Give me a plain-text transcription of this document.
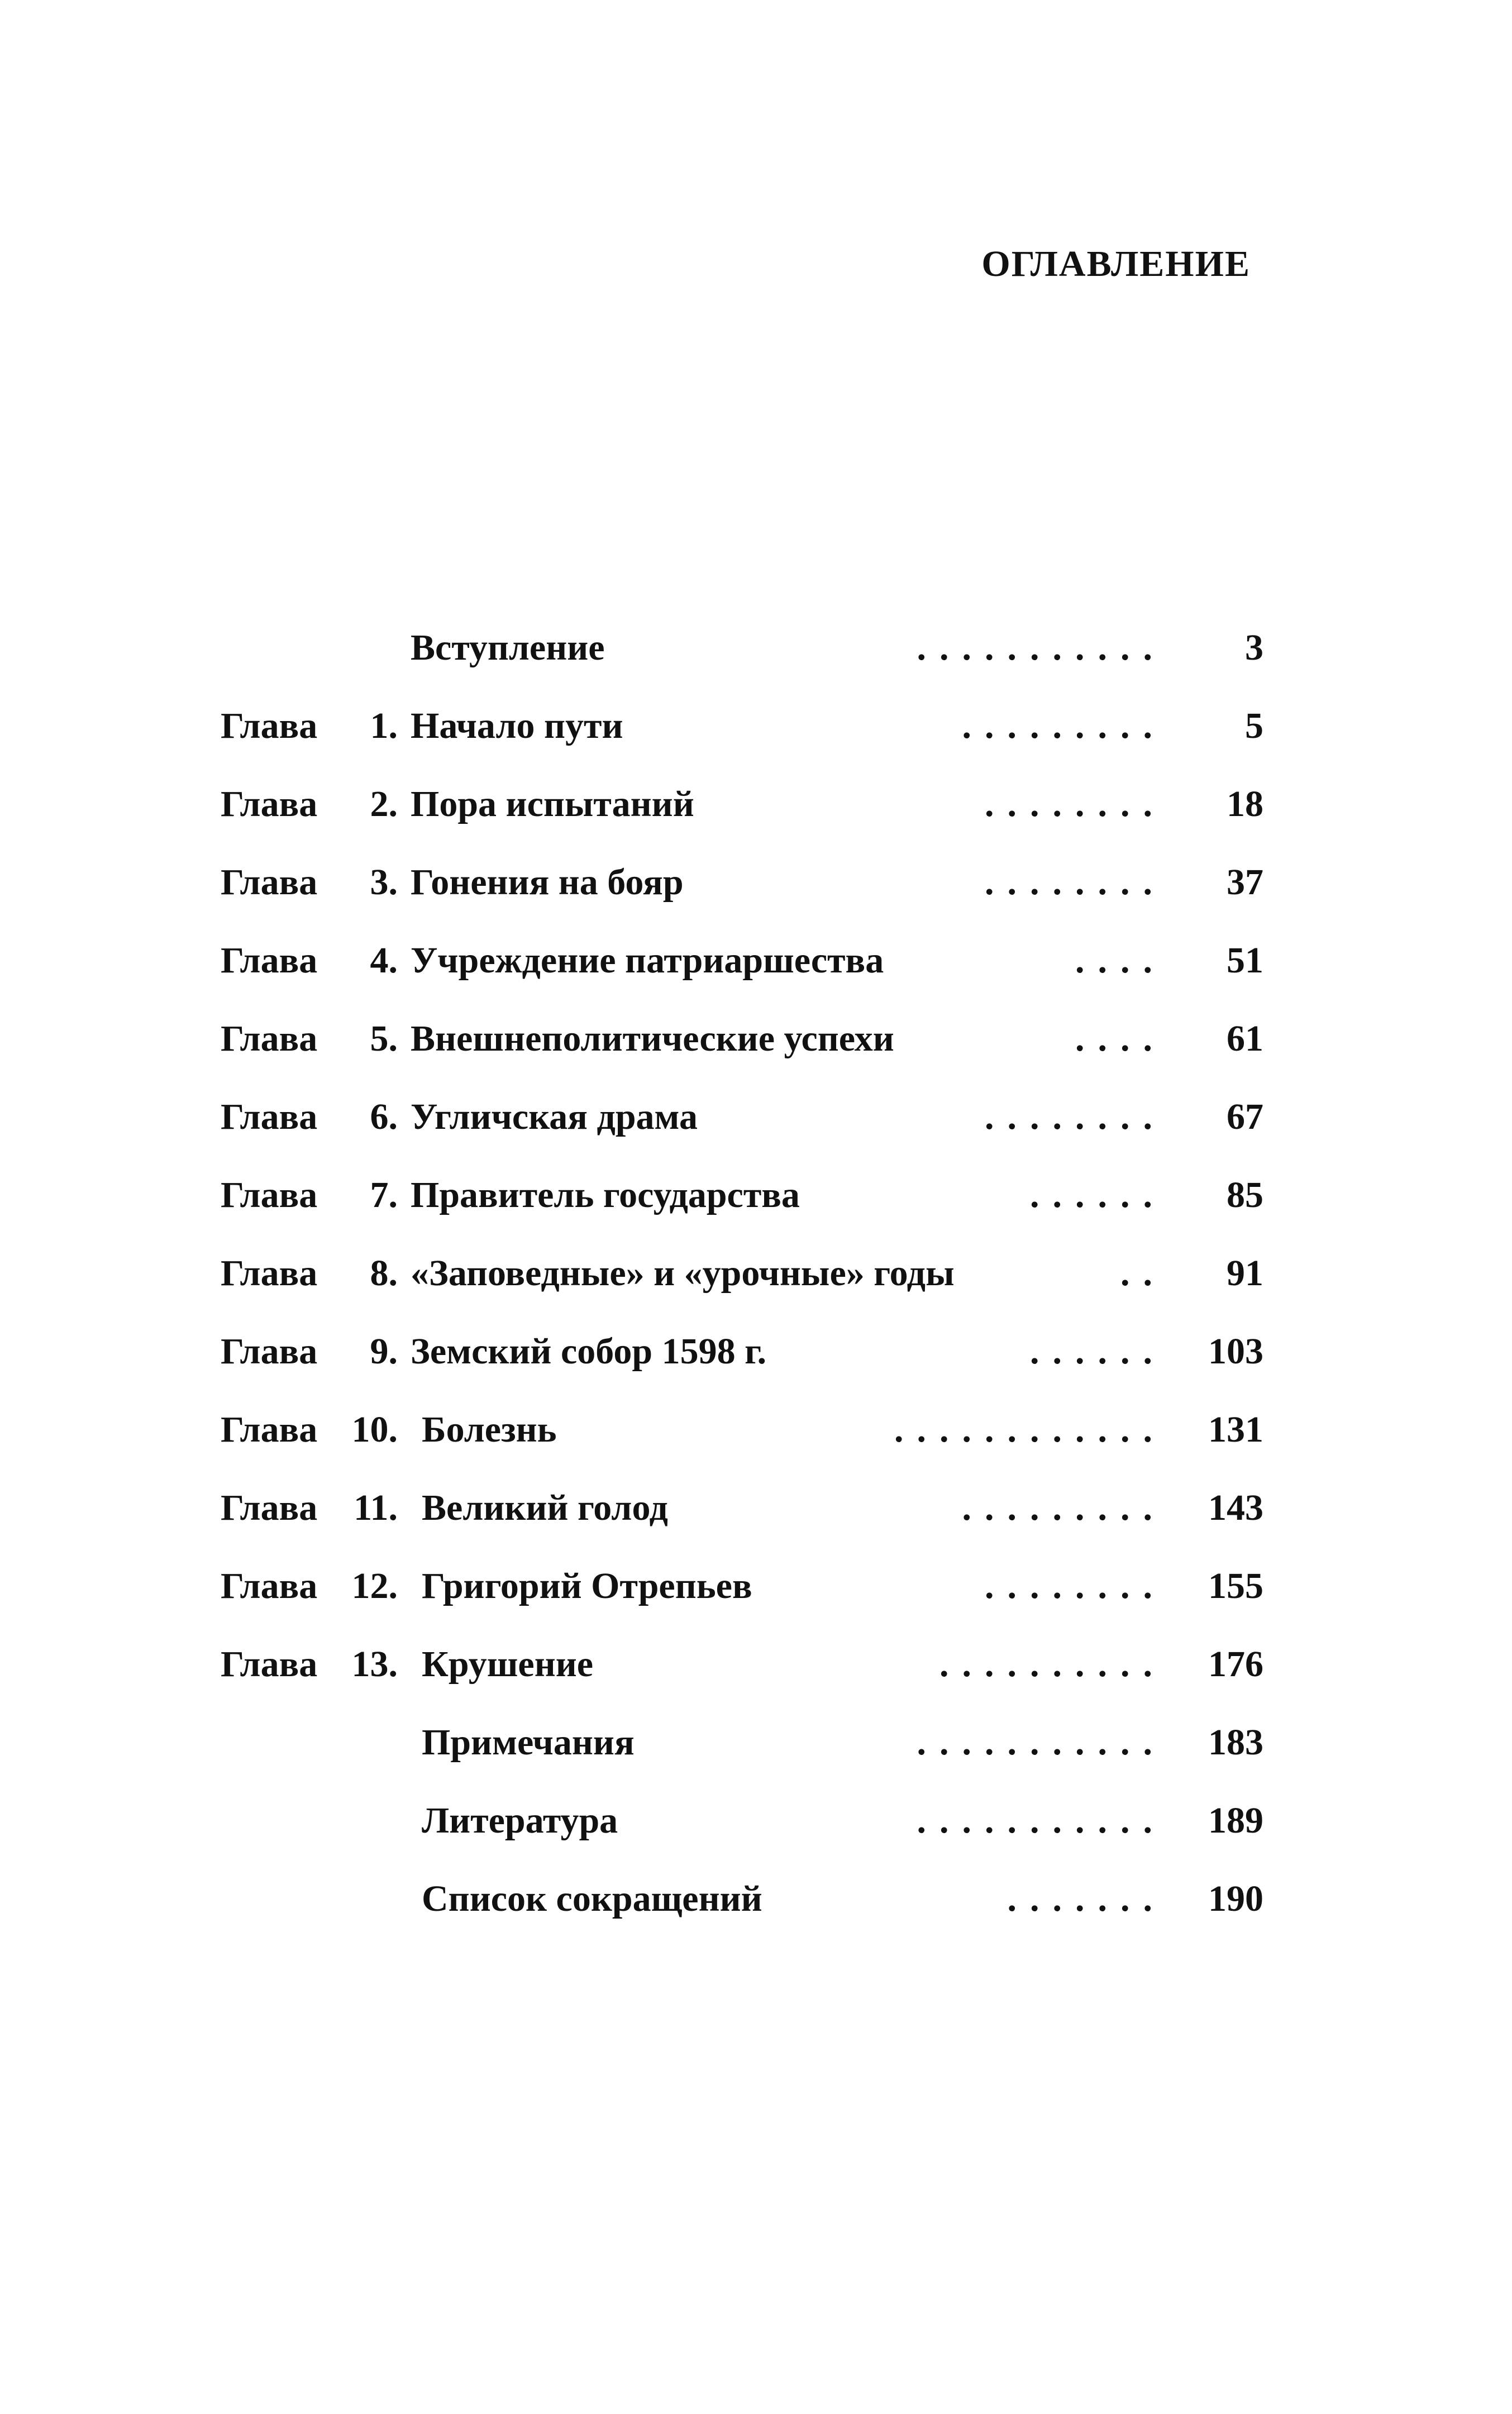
ОГЛАВЛЕНИЕ
Вступление	........... 3
Глава	1. Начало пути	......... 5
Глава	2. Пора испытаний	........ 18
Глава	3. Гонения на бояр	........ 37
Глава	4. Учреждение патриаршества	.... 51
Глава	5. Внешнеполитические успехи	.... 61
Глава	6. Угличская драма	........ 67
Глава	7. Правитель государства	...... 85
Глава	8. «Заповедные» и «урочные» годы	.. 91
Глава	9. Земский собор 1598 г.	...... 103
Глава 10. Болезнь	............ 131
Глава 11. Великий голод	......... 143
Глава 12. Григорий Отрепьев	........ 155
Глава 13. Крушение	.......... 176
Примечания	........... 183
Литература	........... 189
Список сокращений	....... 190
